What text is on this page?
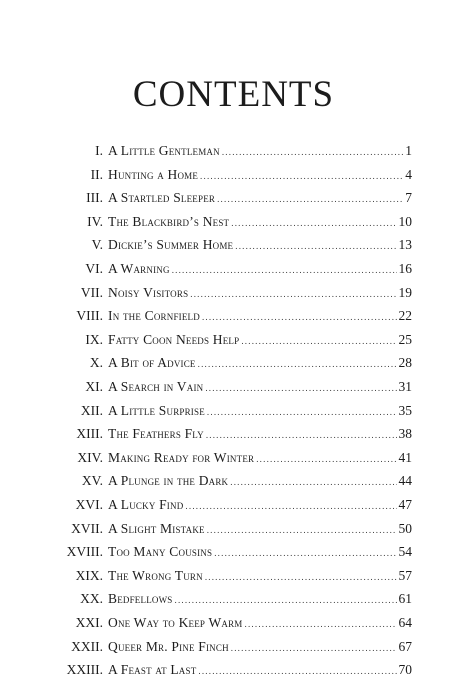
CONTENTS
I. A Little Gentleman .....	1
II. Hunting a Home .....	4
III. A Startled Sleeper .....	7
IV. The Blackbird’s Nest .....	10
V. Dickie’s Summer Home .....	13
VI. A Warning .....	16
VII. Noisy Visitors .....	19
VIII. In the Cornfield .....	22
IX. Fatty Coon Needs Help .....	25
X. A Bit of Advice .....	28
XI. A Search in Vain .....	31
XII. A Little Surprise .....	35
XIII. The Feathers Fly .....	38
XIV. Making Ready for Winter .....	41
XV. A Plunge in the Dark .....	44
XVI. A Lucky Find .....	47
XVII. A Slight Mistake .....	50
XVIII. Too Many Cousins .....	54
XIX. The Wrong Turn .....	57
XX. Bedfellows .....	61
XXI. One Way to Keep Warm .....	64
XXII. Queer Mr. Pine Finch .....	67
XXIII. A Feast at Last .....	70
